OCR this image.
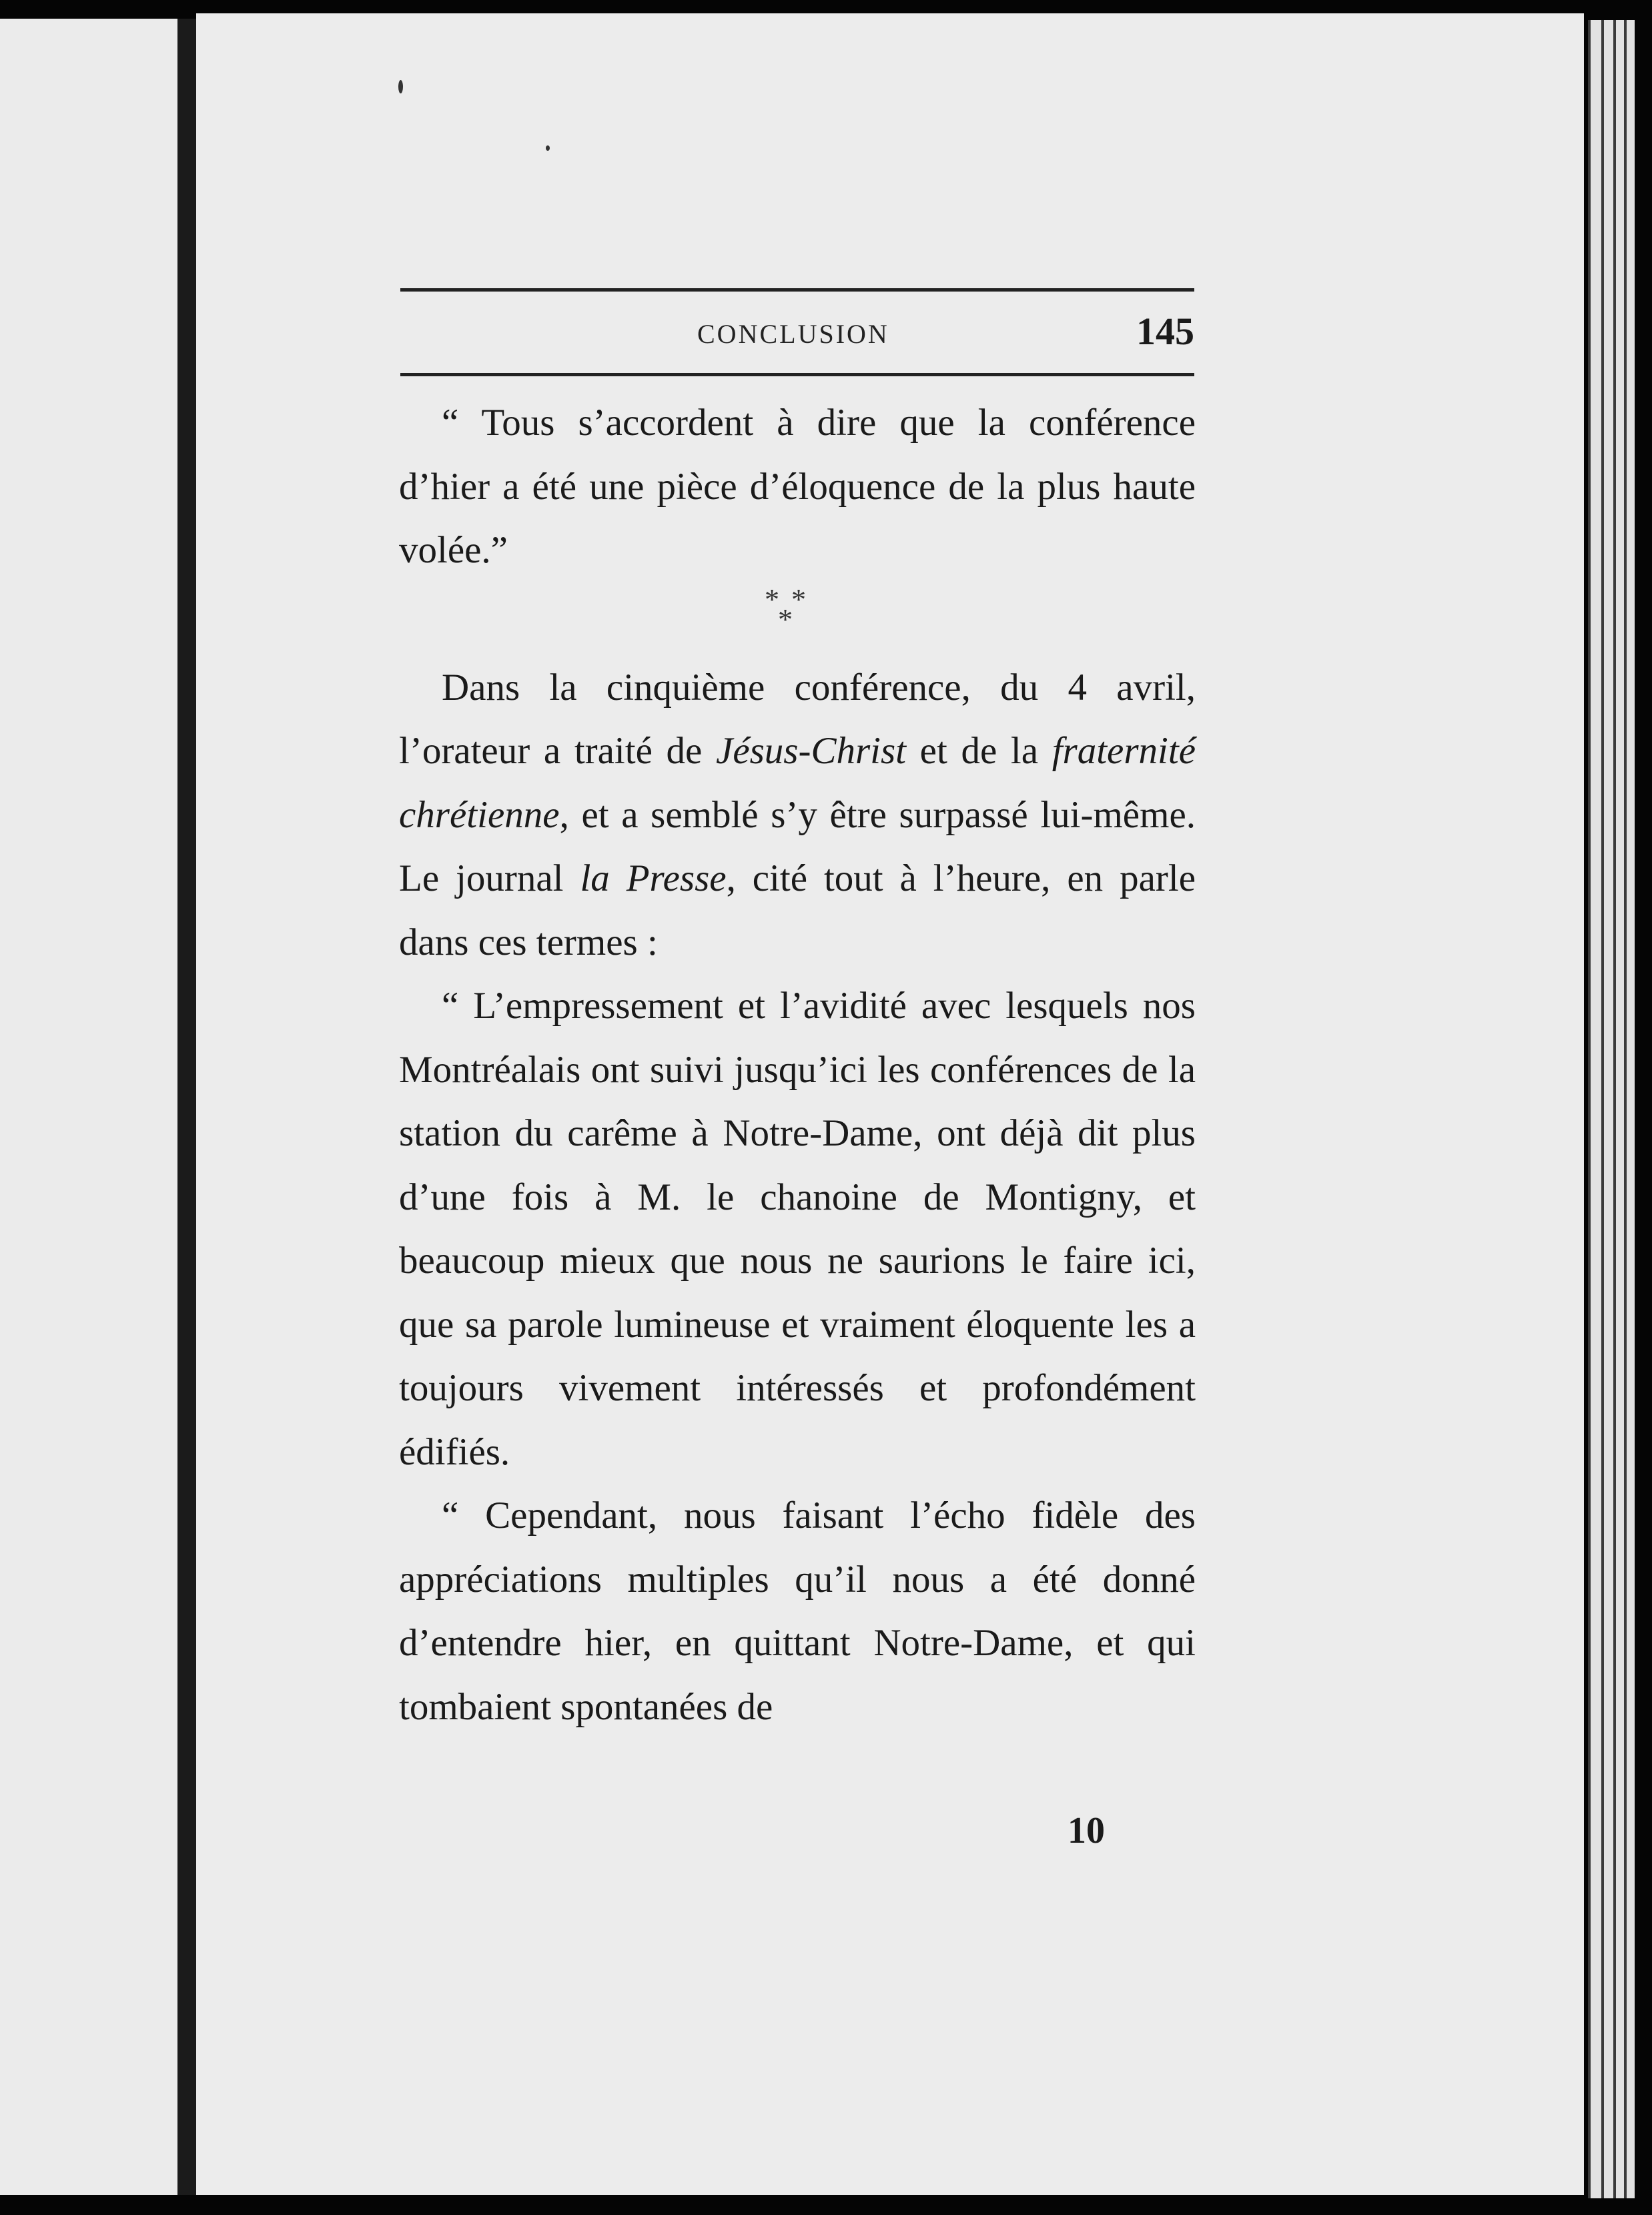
CONCLUSION	145

“ Tous s’accordent à dire que la conférence d’hier a été une pièce d’éloquence de la plus haute volée.”

* *
*

Dans la cinquième conférence, du 4 avril, l’orateur a traité de Jésus-Christ et de la fraternité chrétienne, et a semblé s’y être surpassé lui-même. Le journal la Presse, cité tout à l’heure, en parle dans ces termes :

“ L’empressement et l’avidité avec lesquels nos Montréalais ont suivi jusqu’ici les conférences de la station du carême à Notre-Dame, ont déjà dit plus d’une fois à M. le chanoine de Montigny, et beaucoup mieux que nous ne saurions le faire ici, que sa parole lumineuse et vraiment éloquente les a toujours vivement intéressés et profondément édifiés.

“ Cependant, nous faisant l’écho fidèle des appréciations multiples qu’il nous a été donné d’entendre hier, en quittant Notre-Dame, et qui tombaient spontanées de

10
